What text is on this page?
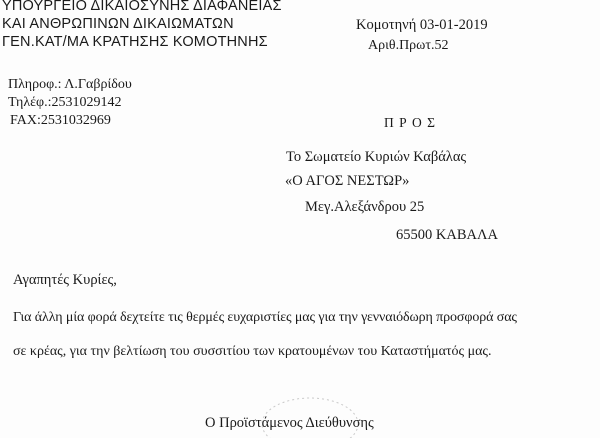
ΥΠΟΥΡΓΕΙΟ ΔΙΚΑΙΟΣΥΝΗΣ ΔΙΑΦΑΝΕΙΑΣ
ΚΑΙ ΑΝΘΡΩΠΙΝΩΝ ΔΙΚΑΙΩΜΑΤΩΝ
ΓΕΝ.ΚΑΤ/ΜΑ ΚΡΑΤΗΣΗΣ ΚΟΜΟΤΗΝΗΣ
Κομοτηνή 03-01-2019
Αριθ.Πρωτ.52
Πληροφ.: Λ.Γαβρίδου
Τηλέφ.:2531029142
FAX:2531032969	Π Ρ Ο Σ
Το Σωματείο Κυριών Καβάλας
«Ο ΑΓΟΣ ΝΕΣΤΩΡ»
Μεγ.Αλεξάνδρου 25
65500 ΚΑΒΑΛΑ
Αγαπητές Κυρίες,
Για άλλη μία φορά δεχτείτε τις θερμές ευχαριστίες μας για την γενναιόδωρη προσφορά σας
σε κρέας, για την βελτίωση του συσσιτίου των κρατουμένων του Καταστήματός μας.
Ο Προϊστάμενος Διεύθυνσης
